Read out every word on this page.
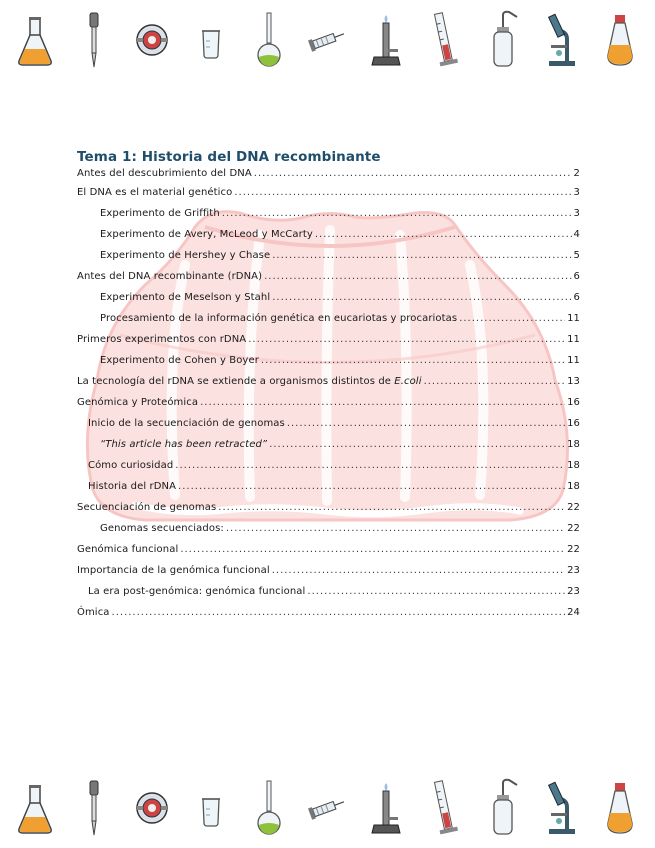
Tema 1: Historia del DNA recombinante
Antes del descubrimiento del DNA .....	2
El DNA es el material genético .....	3
Experimento de Griffith .....	3
Experimento de Avery, McLeod y McCarty .....	4
Experimento de Hershey y Chase .....	5
Antes del DNA recombinante (rDNA) .....	6
Experimento de Meselson y Stahl .....	6
Procesamiento de la información genética en eucariotas y procariotas .....	11
Primeros experimentos con rDNA .....	11
Experimento de Cohen y Boyer .....	11
La tecnología del rDNA se extiende a organismos distintos de E.coli .....	13
Genómica y Proteómica .....	16
Inicio de la secuenciación de genomas .....	16
“This article has been retracted” .....	18
Cómo curiosidad .....	18
Historia del rDNA .....	18
Secuenciación de genomas .....	22
Genomas secuenciados: .....	22
Genómica funcional .....	22
Importancia de la genómica funcional .....	23
La era post-genómica: genómica funcional .....	23
Ómica .....	24
